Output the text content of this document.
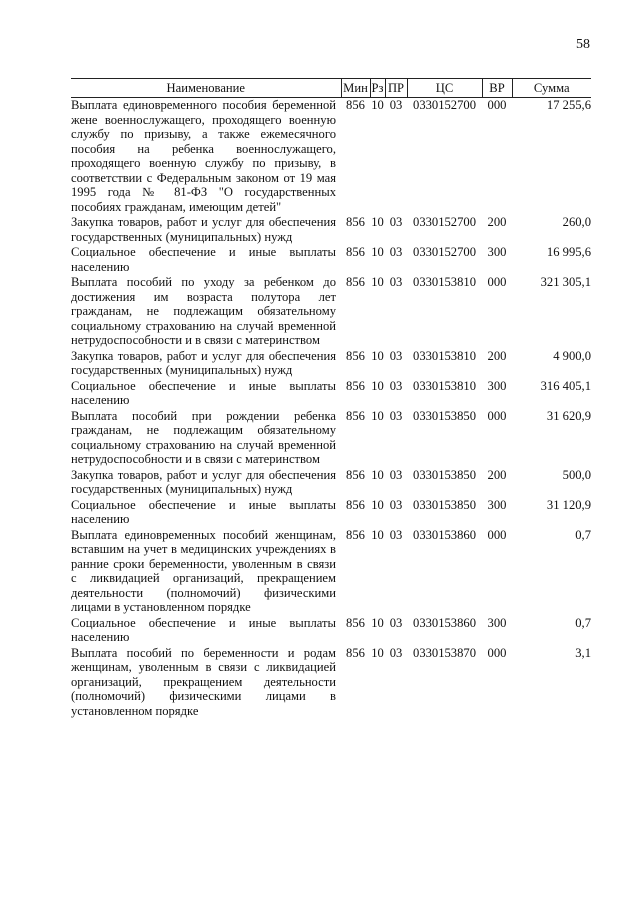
58
Наименование	Мин	Рз	ПР	ЦС	ВР	Сумма
Выплата единовременного пособия беременной жене военнослужащего, проходящего военную службу по призыву, а также ежемесячного пособия на ребенка военнослужащего, проходящего военную службу по призыву, в соответствии с Федеральным законом от 19 мая 1995 года № 81-ФЗ "О государственных пособиях гражданам, имеющим детей"	856	10	03	0330152700	000	17 255,6
Закупка товаров, работ и услуг для обеспечения государственных (муниципальных) нужд	856	10	03	0330152700	200	260,0
Социальное обеспечение и иные выплаты населению	856	10	03	0330152700	300	16 995,6
Выплата пособий по уходу за ребенком до достижения им возраста полутора лет гражданам, не подлежащим обязательному социальному страхованию на случай временной нетрудоспособности и в связи с материнством	856	10	03	0330153810	000	321 305,1
Закупка товаров, работ и услуг для обеспечения государственных (муниципальных) нужд	856	10	03	0330153810	200	4 900,0
Социальное обеспечение и иные выплаты населению	856	10	03	0330153810	300	316 405,1
Выплата пособий при рождении ребенка гражданам, не подлежащим обязательному социальному страхованию на случай временной нетрудоспособности и в связи с материнством	856	10	03	0330153850	000	31 620,9
Закупка товаров, работ и услуг для обеспечения государственных (муниципальных) нужд	856	10	03	0330153850	200	500,0
Социальное обеспечение и иные выплаты населению	856	10	03	0330153850	300	31 120,9
Выплата единовременных пособий женщинам, вставшим на учет в медицинских учреждениях в ранние сроки беременности, уволенным в связи с ликвидацией организаций, прекращением деятельности (полномочий) физическими лицами в установленном порядке	856	10	03	0330153860	000	0,7
Социальное обеспечение и иные выплаты населению	856	10	03	0330153860	300	0,7
Выплата пособий по беременности и родам женщинам, уволенным в связи с ликвидацией организаций, прекращением деятельности (полномочий) физическими лицами в установленном порядке	856	10	03	0330153870	000	3,1
